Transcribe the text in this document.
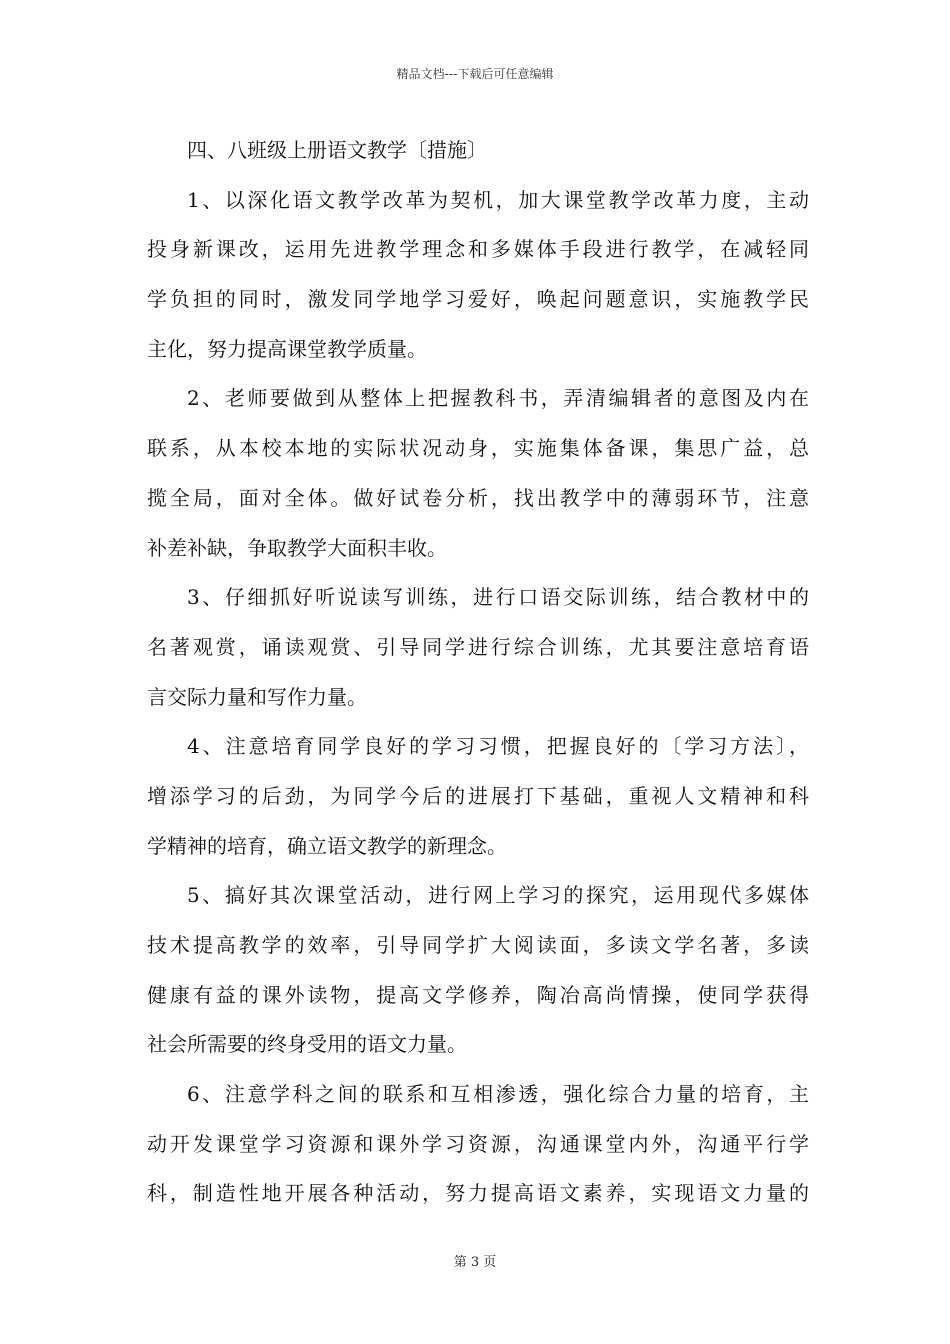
精品文档---下载后可任意编辑
四、八班级上册语文教学〔措施〕
1、以深化语文教学改革为契机，加大课堂教学改革力度，主动
投身新课改，运用先进教学理念和多媒体手段进行教学，在减轻同
学负担的同时，激发同学地学习爱好，唤起问题意识，实施教学民
主化，努力提高课堂教学质量。
2、老师要做到从整体上把握教科书，弄清编辑者的意图及内在
联系，从本校本地的实际状况动身，实施集体备课，集思广益，总
揽全局，面对全体。做好试卷分析，找出教学中的薄弱环节，注意
补差补缺，争取教学大面积丰收。
3、仔细抓好听说读写训练，进行口语交际训练，结合教材中的
名著观赏，诵读观赏、引导同学进行综合训练，尤其要注意培育语
言交际力量和写作力量。
4、注意培育同学良好的学习习惯，把握良好的〔学习方法〕，
增添学习的后劲，为同学今后的进展打下基础，重视人文精神和科
学精神的培育，确立语文教学的新理念。
5、搞好其次课堂活动，进行网上学习的探究，运用现代多媒体
技术提高教学的效率，引导同学扩大阅读面，多读文学名著，多读
健康有益的课外读物，提高文学修养，陶冶高尚情操，使同学获得
社会所需要的终身受用的语文力量。
6、注意学科之间的联系和互相渗透，强化综合力量的培育，主
动开发课堂学习资源和课外学习资源，沟通课堂内外，沟通平行学
科，制造性地开展各种活动，努力提高语文素养，实现语文力量的
第 3 页
